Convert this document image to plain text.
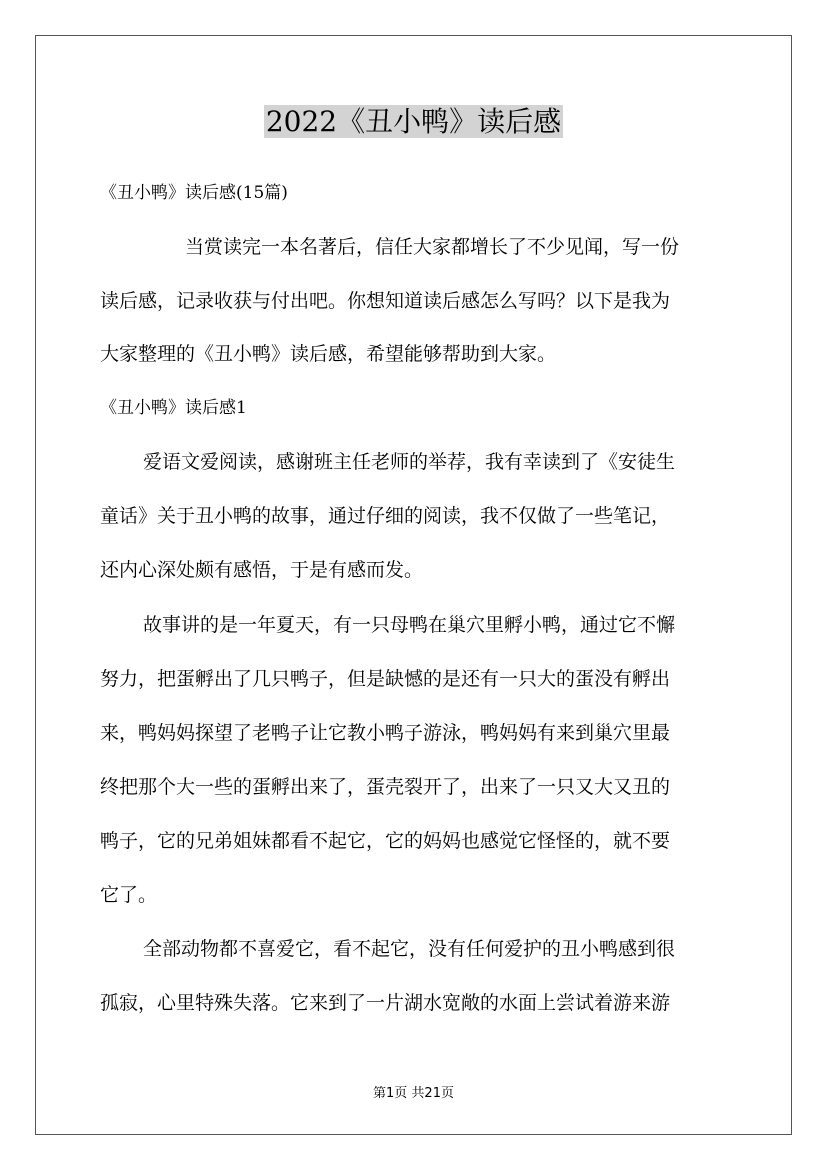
2022《丑小鸭》读后感
《丑小鸭》读后感(15篇)
当赏读完一本名著后，信任大家都增长了不少见闻，写一份
读后感，记录收获与付出吧。你想知道读后感怎么写吗？以下是我为
大家整理的《丑小鸭》读后感，希望能够帮助到大家。
《丑小鸭》读后感1
爱语文爱阅读，感谢班主任老师的举荐，我有幸读到了《安徒生
童话》关于丑小鸭的故事，通过仔细的阅读，我不仅做了一些笔记，
还内心深处颇有感悟，于是有感而发。
故事讲的是一年夏天，有一只母鸭在巢穴里孵小鸭，通过它不懈
努力，把蛋孵出了几只鸭子，但是缺憾的是还有一只大的蛋没有孵出
来，鸭妈妈探望了老鸭子让它教小鸭子游泳，鸭妈妈有来到巢穴里最
终把那个大一些的蛋孵出来了，蛋壳裂开了，出来了一只又大又丑的
鸭子，它的兄弟姐妹都看不起它，它的妈妈也感觉它怪怪的，就不要
它了。
全部动物都不喜爱它，看不起它，没有任何爱护的丑小鸭感到很
孤寂，心里特殊失落。它来到了一片湖水宽敞的水面上尝试着游来游
第1页 共21页
